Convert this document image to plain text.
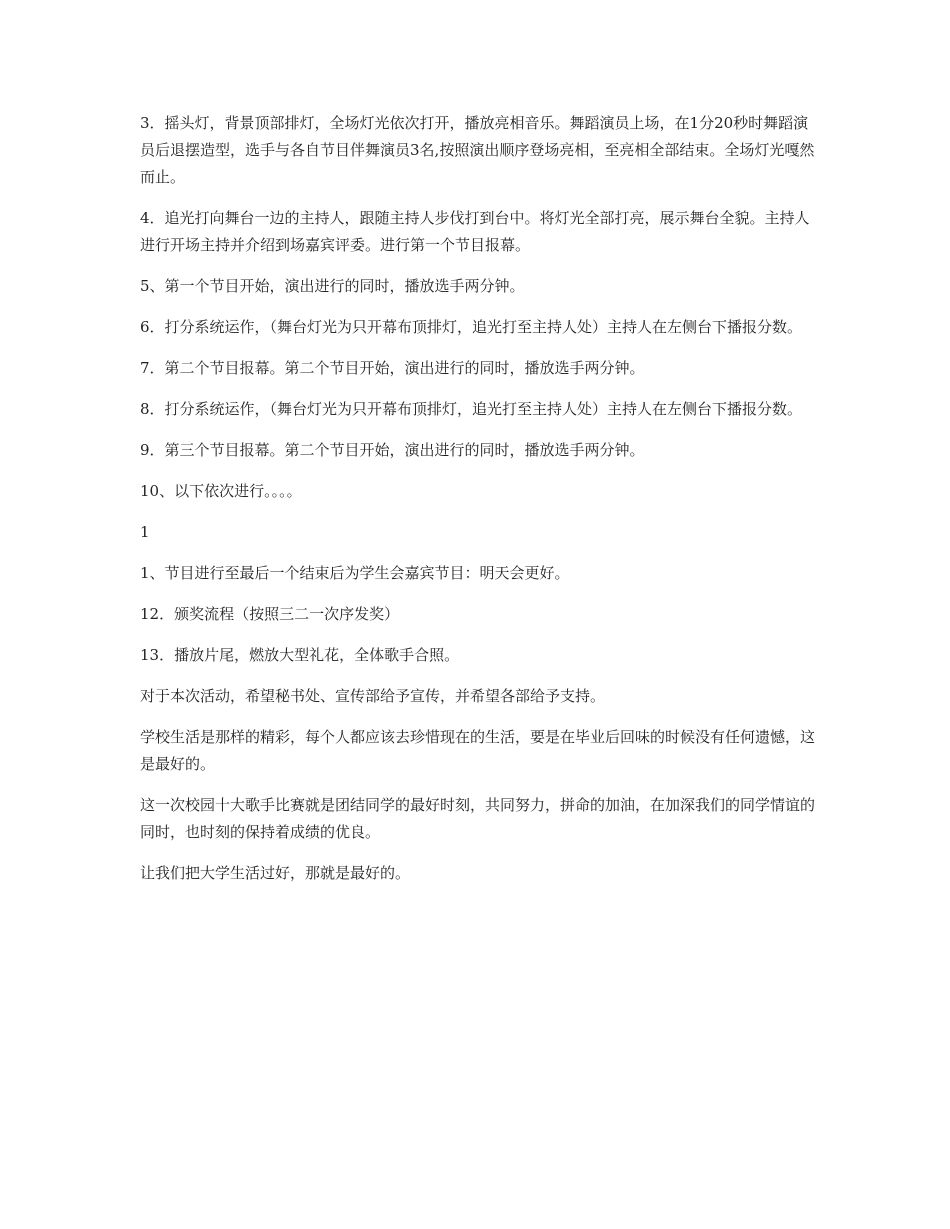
3．摇头灯，背景顶部排灯，全场灯光依次打开，播放亮相音乐。舞蹈演员上场，在1分20秒时舞蹈演员后退摆造型，选手与各自节目伴舞演员3名,按照演出顺序登场亮相，至亮相全部结束。全场灯光嘎然而止。

4．追光打向舞台一边的主持人，跟随主持人步伐打到台中。将灯光全部打亮，展示舞台全貌。主持人进行开场主持并介绍到场嘉宾评委。进行第一个节目报幕。

5、第一个节目开始，演出进行的同时，播放选手两分钟。

6．打分系统运作，（舞台灯光为只开幕布顶排灯，追光打至主持人处）主持人在左侧台下播报分数。

7．第二个节目报幕。第二个节目开始，演出进行的同时，播放选手两分钟。

8．打分系统运作，（舞台灯光为只开幕布顶排灯，追光打至主持人处）主持人在左侧台下播报分数。

9．第三个节目报幕。第二个节目开始，演出进行的同时，播放选手两分钟。

10、以下依次进行。。。。

1

1、节目进行至最后一个结束后为学生会嘉宾节目：明天会更好。

12．颁奖流程（按照三二一次序发奖）

13．播放片尾，燃放大型礼花，全体歌手合照。

对于本次活动，希望秘书处、宣传部给予宣传，并希望各部给予支持。

学校生活是那样的精彩，每个人都应该去珍惜现在的生活，要是在毕业后回味的时候没有任何遗憾，这是最好的。

这一次校园十大歌手比赛就是团结同学的最好时刻，共同努力，拼命的加油，在加深我们的同学情谊的同时，也时刻的保持着成绩的优良。

让我们把大学生活过好，那就是最好的。
